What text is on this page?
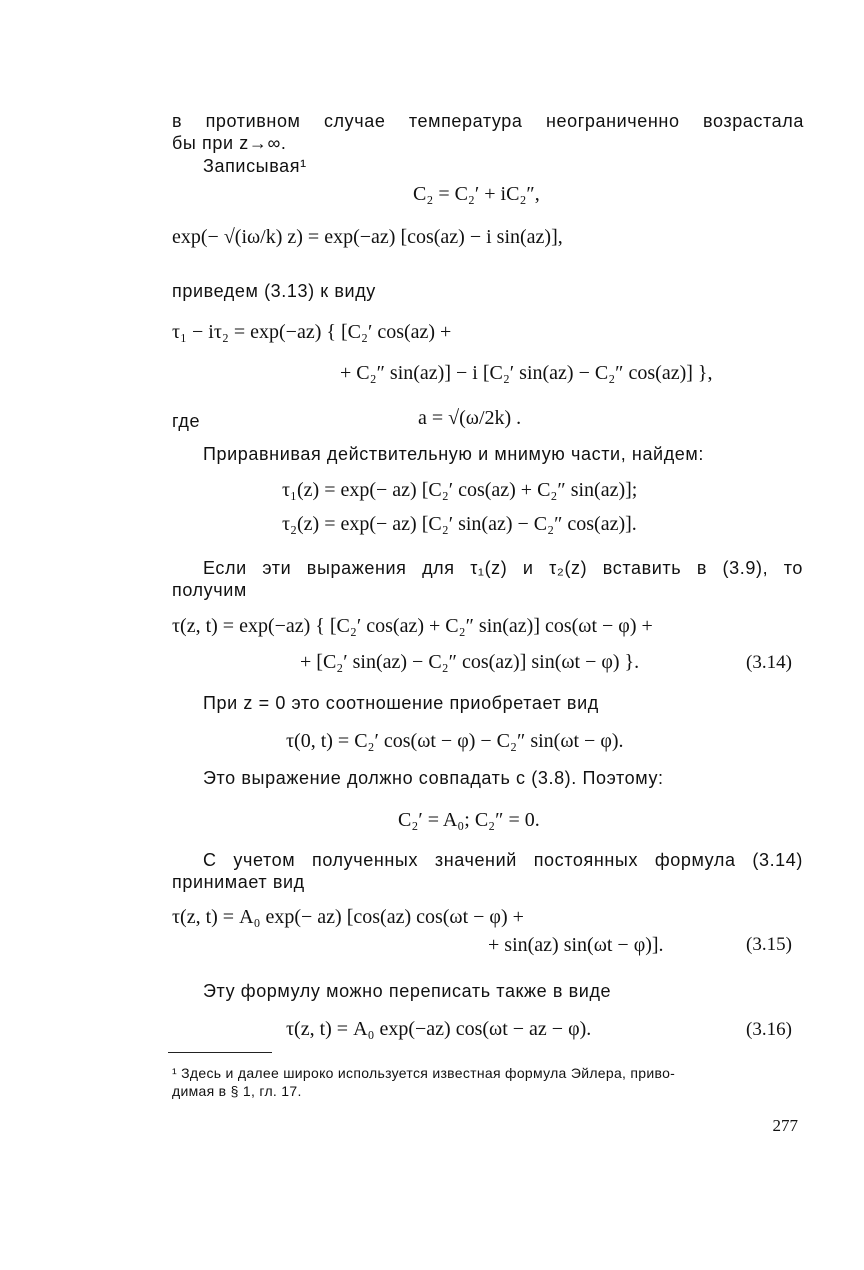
в противном случае температура неограниченно возрастала
бы при z→∞.
Записывая¹
C₂ = C₂′ + iC₂″,
exp(− √(iω/k) z) = exp(−az) [cos(az) − i sin(az)],
приведем (3.13) к виду
τ₁ − iτ₂ = exp(−az) { [C₂′ cos(az) +
+ C₂″ sin(az)] − i [C₂′ sin(az) − C₂″ cos(az)] },
где	a = √(ω/2k) .
Приравнивая действительную и мнимую части, найдем:
τ₁(z) = exp(− az) [C₂′ cos(az) + C₂″ sin(az)];
τ₂(z) = exp(− az) [C₂′ sin(az) − C₂″ cos(az)].
Если эти выражения для τ₁(z) и τ₂(z) вставить в (3.9), то
получим
τ(z, t) = exp(−az) { [C₂′ cos(az) + C₂″ sin(az)] cos(ωt − φ) +
+ [C₂′ sin(az) − C₂″ cos(az)] sin(ωt − φ) }.	(3.14)
При z = 0 это соотношение приобретает вид
τ(0, t) = C₂′ cos(ωt − φ) − C₂″ sin(ωt − φ).
Это выражение должно совпадать с (3.8). Поэтому:
C₂′ = A₀; C₂″ = 0.
С учетом полученных значений постоянных формула (3.14)
принимает вид
τ(z, t) = A₀ exp(− az) [cos(az) cos(ωt − φ) +
+ sin(az) sin(ωt − φ)].	(3.15)
Эту формулу можно переписать также в виде
τ(z, t) = A₀ exp(−az) cos(ωt − az − φ).	(3.16)
¹ Здесь и далее широко используется известная формула Эйлера, приво-
димая в § 1, гл. 17.
277
